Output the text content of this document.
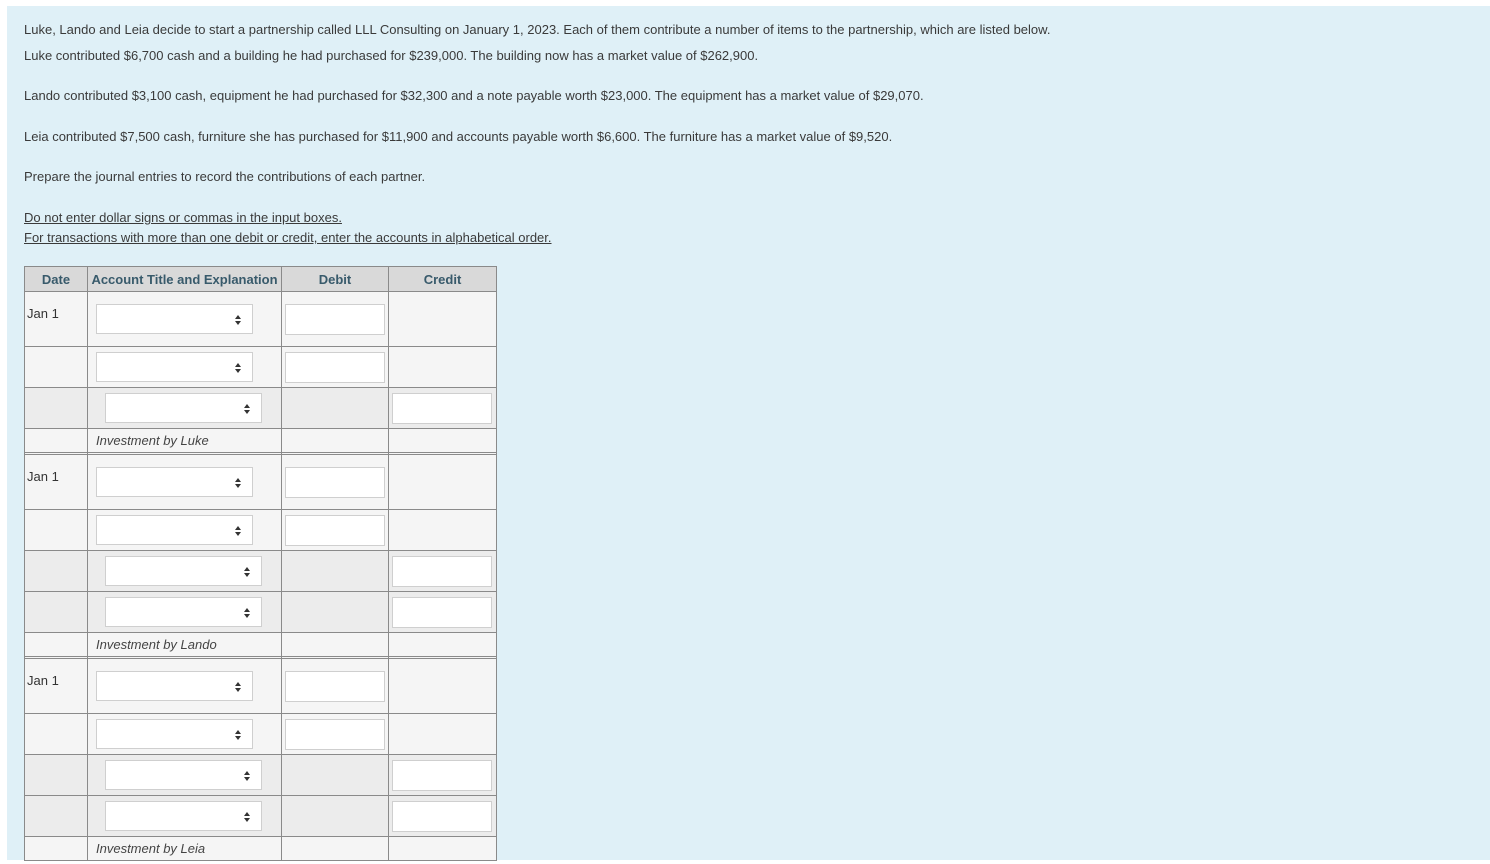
Luke, Lando and Leia decide to start a partnership called LLL Consulting on January 1, 2023. Each of them contribute a number of items to the partnership, which are listed below.
Luke contributed $6,700 cash and a building he had purchased for $239,000. The building now has a market value of $262,900.
Lando contributed $3,100 cash, equipment he had purchased for $32,300 and a note payable worth $23,000. The equipment has a market value of $29,070.
Leia contributed $7,500 cash, furniture she has purchased for $11,900 and accounts payable worth $6,600. The furniture has a market value of $9,520.
Prepare the journal entries to record the contributions of each partner.
Do not enter dollar signs or commas in the input boxes.
For transactions with more than one debit or credit, enter the accounts in alphabetical order.
Date	Account Title and Explanation	Debit	Credit
Jan 1	

	Investment by Luke		

Jan 1	

	Investment by Lando		

Jan 1	

	Investment by Leia		
